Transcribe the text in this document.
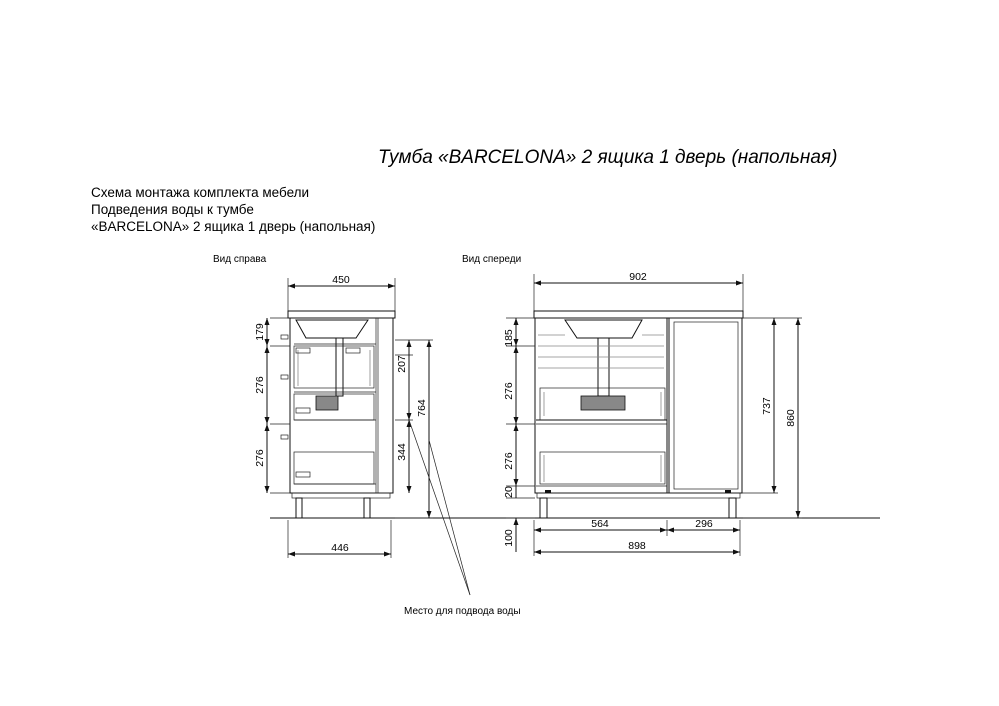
Тумба «BARCELONA» 2 ящика 1 дверь (напольная)
Схема монтажа комплекта мебели
Подведения воды к тумбе
«BARCELONA» 2 ящика 1 дверь (напольная)
Вид справа
450
179
276
276
207
344
764
446
Место для подвода воды
Вид спереди
902
185
276
276
20
100
737
860
564	296
898
